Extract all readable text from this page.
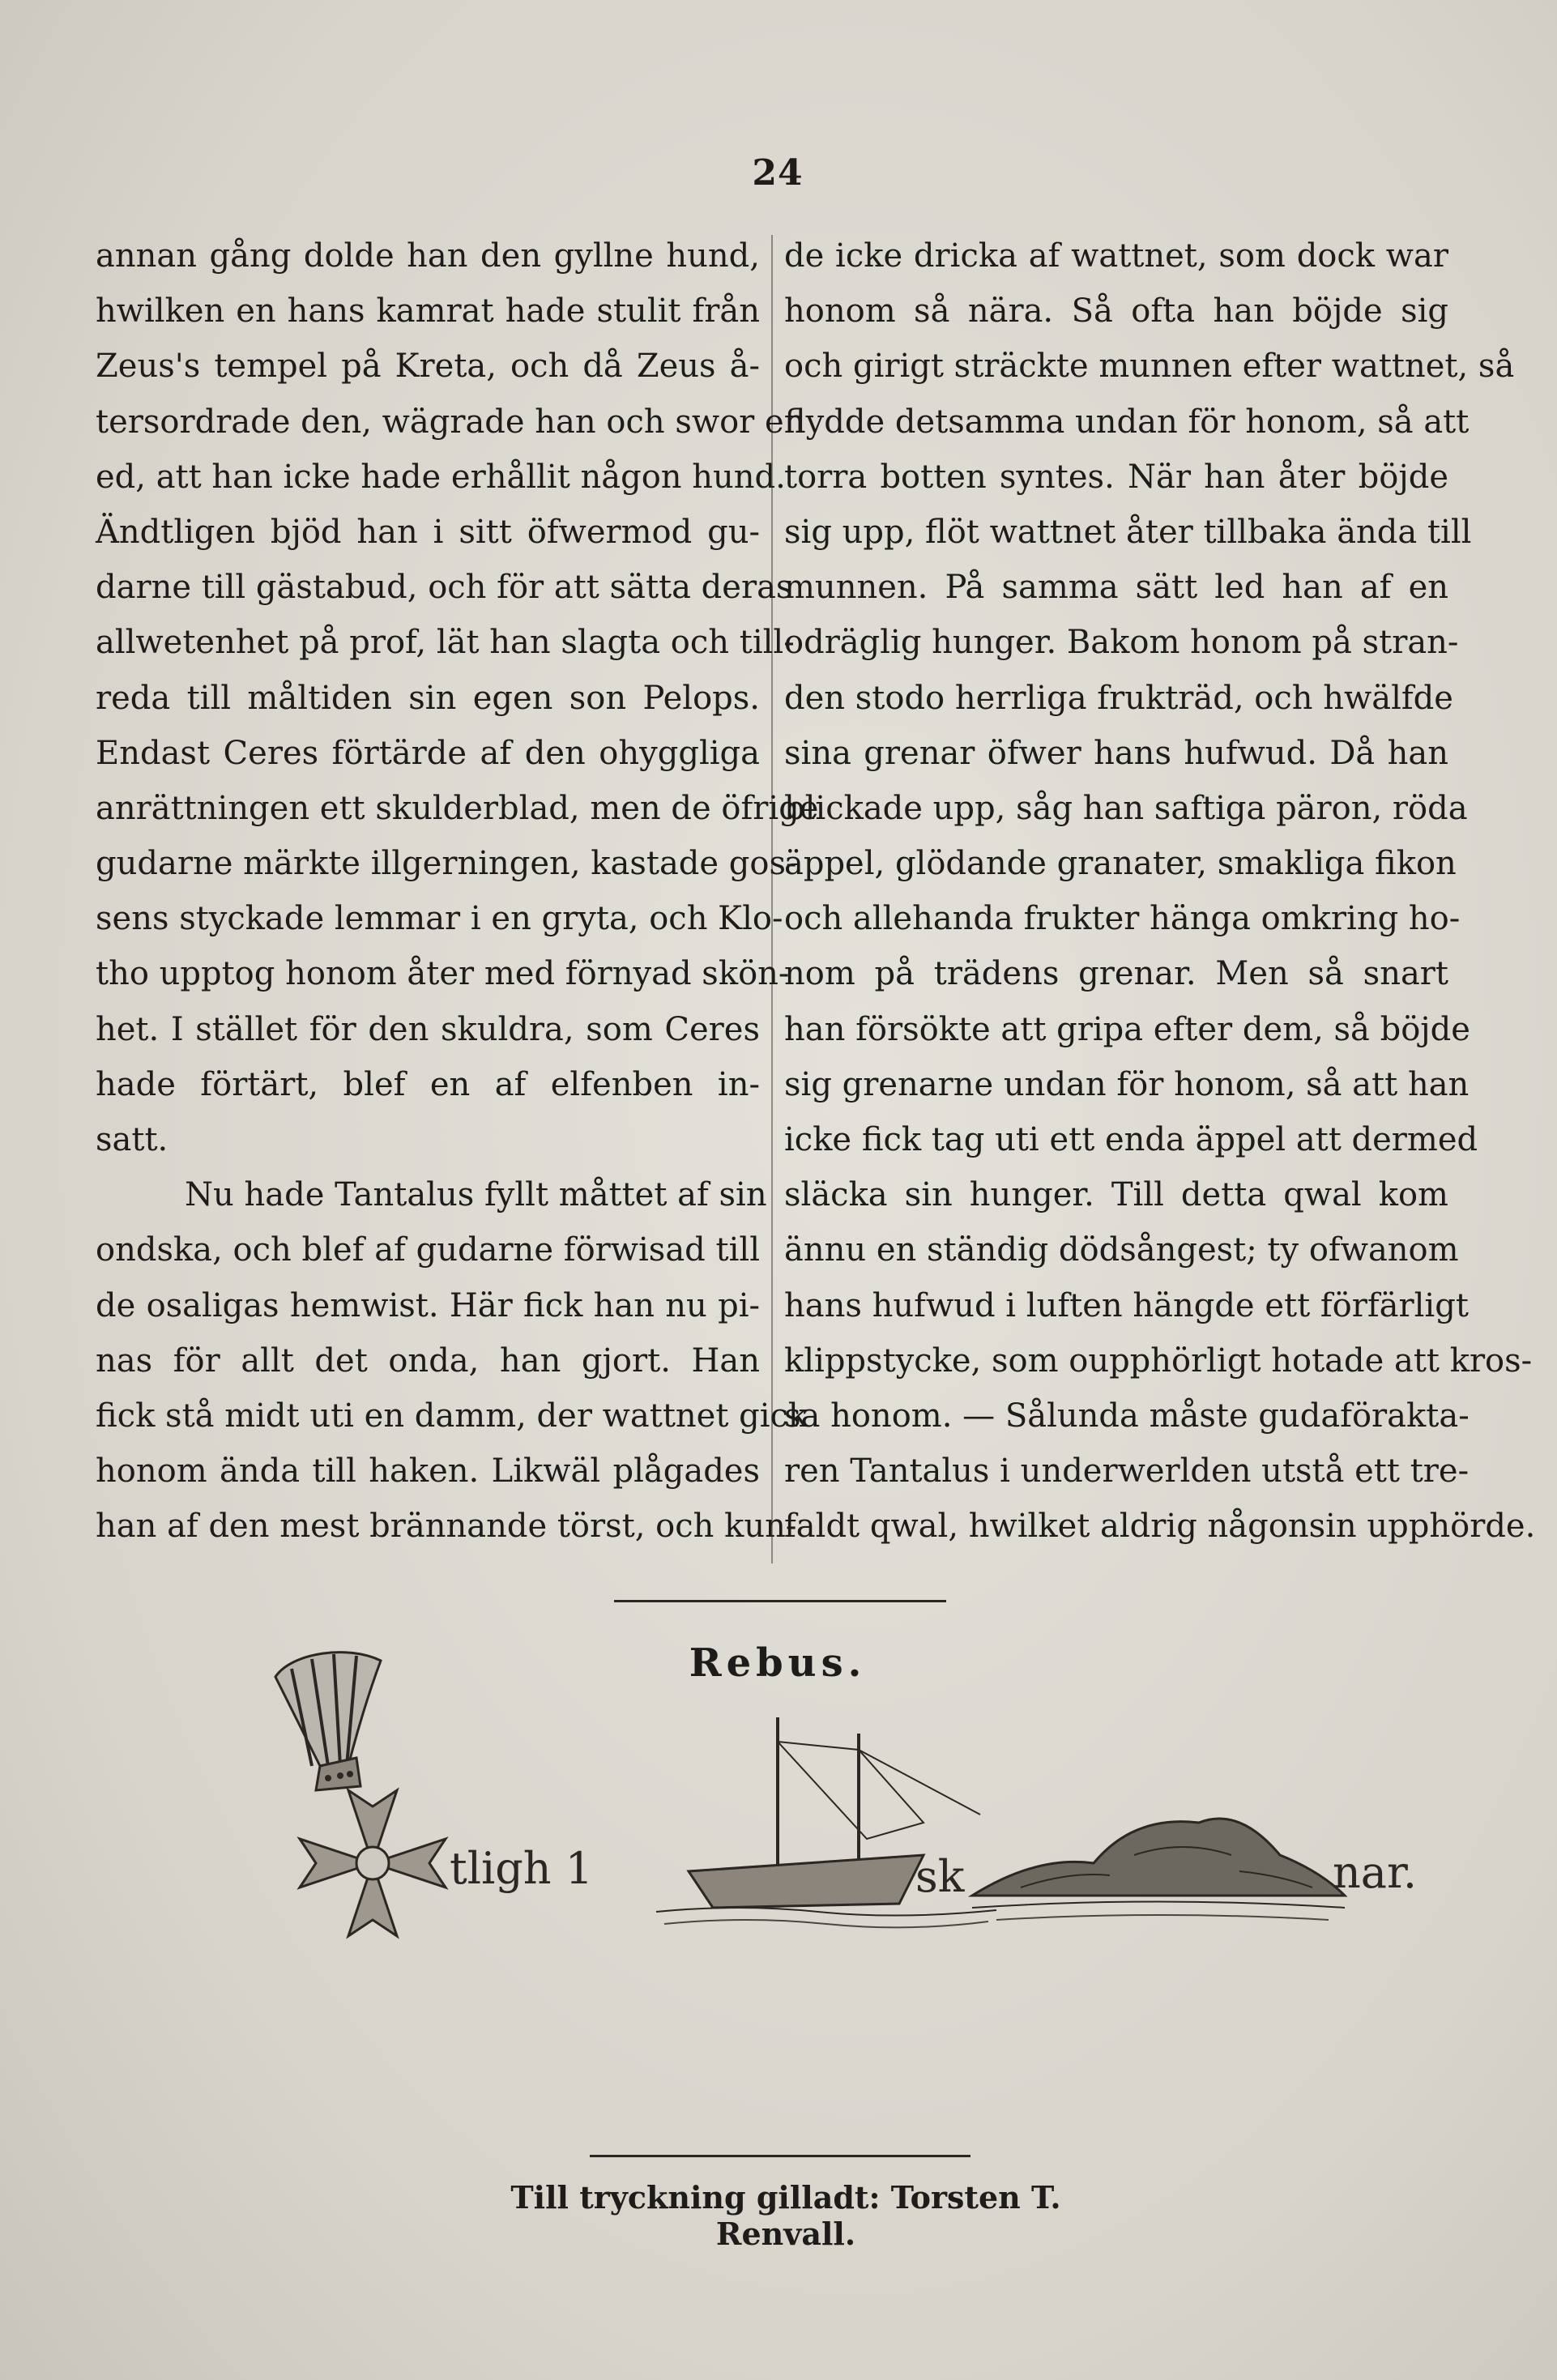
24
annan gång dolde han den gyllne hund,
hwilken en hans kamrat hade stulit från
Zeus's tempel på Kreta, och då Zeus å-
tersordrade den, wägrade han och swor en
ed, att han icke hade erhållit någon hund.
Ändtligen bjöd han i sitt öfwermod gu-
darne till gästabud, och för att sätta deras
allwetenhet på prof, lät han slagta och till-
reda till måltiden sin egen son Pelops.
Endast Ceres förtärde af den ohyggliga
anrättningen ett skulderblad, men de öfrige
gudarne märkte illgerningen, kastade gos-
sens styckade lemmar i en gryta, och Klo-
tho upptog honom åter med förnyad skön-
het. I stället för den skuldra, som Ceres
hade förtärt, blef en af elfenben in-
satt.
Nu hade Tantalus fyllt måttet af sin
ondska, och blef af gudarne förwisad till
de osaligas hemwist. Här fick han nu pi-
nas för allt det onda, han gjort. Han
fick stå midt uti en damm, der wattnet gick
honom ända till haken. Likwäl plågades
han af den mest brännande törst, och kun-
de icke dricka af wattnet, som dock war
honom så nära. Så ofta han böjde sig
och girigt sträckte munnen efter wattnet, så
flydde detsamma undan för honom, så att
torra botten syntes. När han åter böjde
sig upp, flöt wattnet åter tillbaka ända till
munnen. På samma sätt led han af en
odräglig hunger. Bakom honom på stran-
den stodo herrliga frukträd, och hwälfde
sina grenar öfwer hans hufwud. Då han
blickade upp, såg han saftiga päron, röda
äppel, glödande granater, smakliga fikon
och allehanda frukter hänga omkring ho-
nom på trädens grenar. Men så snart
han försökte att gripa efter dem, så böjde
sig grenarne undan för honom, så att han
icke fick tag uti ett enda äppel att dermed
släcka sin hunger. Till detta qwal kom
ännu en ständig dödsångest; ty ofwanom
hans hufwud i luften hängde ett förfärligt
klippstycke, som oupphörligt hotade att kros-
sa honom. — Sålunda måste gudaförakta-
ren Tantalus i underwerlden utstå ett tre-
faldt qwal, hwilket aldrig någonsin upphörde.
Rebus.
tligh 1	sk	nar.
Till tryckning gilladt: Torsten T. Renvall.
